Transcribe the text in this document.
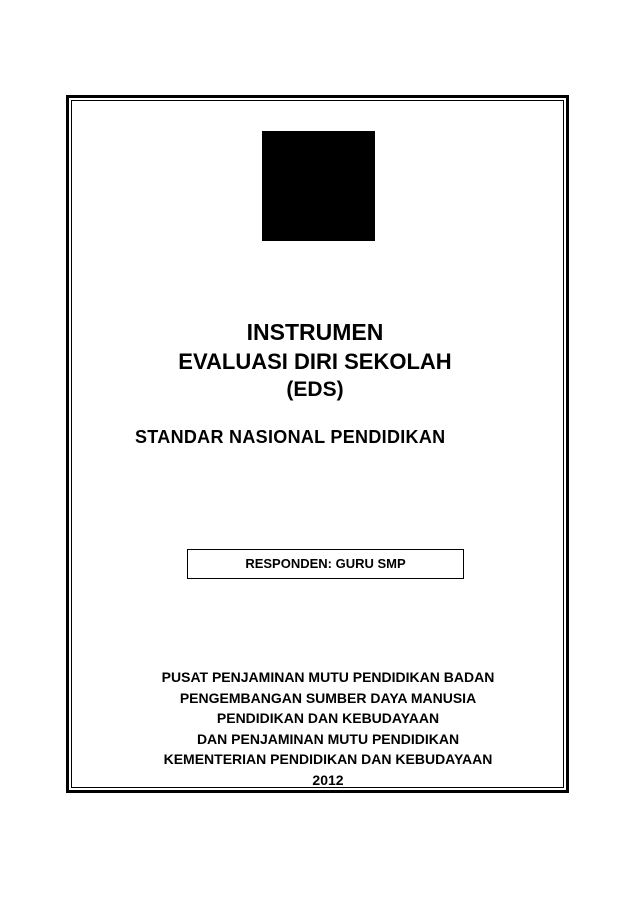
INSTRUMEN
EVALUASI DIRI SEKOLAH
(EDS)
STANDAR NASIONAL PENDIDIKAN
RESPONDEN: GURU SMP
PUSAT PENJAMINAN MUTU PENDIDIKAN BADAN
PENGEMBANGAN SUMBER DAYA MANUSIA
PENDIDIKAN DAN KEBUDAYAAN
DAN PENJAMINAN MUTU PENDIDIKAN
KEMENTERIAN PENDIDIKAN DAN KEBUDAYAAN
2012
